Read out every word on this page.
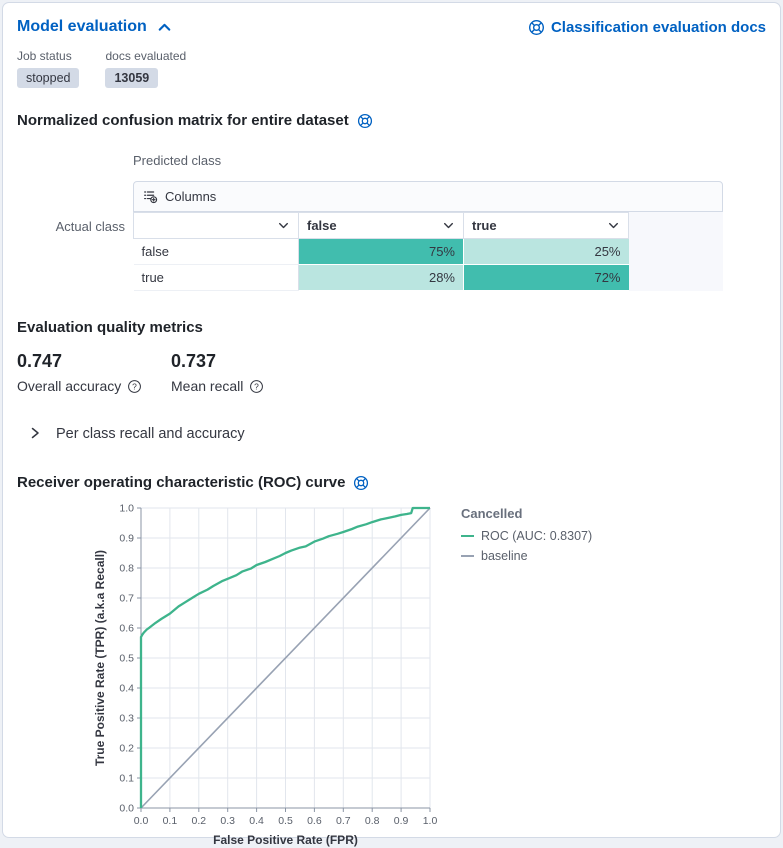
Model evaluation	Classification evaluation docs
Job status
stopped
docs evaluated
13059
Normalized confusion matrix for entire dataset
Predicted class
Actual class
Columns

false	true

false	75%	25%
true	28%	72%
Evaluation quality metrics
0.747
Overall accuracy ?
0.737
Mean recall ?
Per class recall and accuracy
Receiver operating characteristic (ROC) curve
0.0 0.1 0.2 0.3 0.4 0.5 0.6 0.7 0.8 0.9 1.0
0.0
0.1
0.2
0.3
0.4
0.5
0.6
0.7
0.8
0.9
1.0
False Positive Rate (FPR)
True Positive Rate (TPR) (a.k.a Recall)
Cancelled
ROC (AUC: 0.8307)
baseline
